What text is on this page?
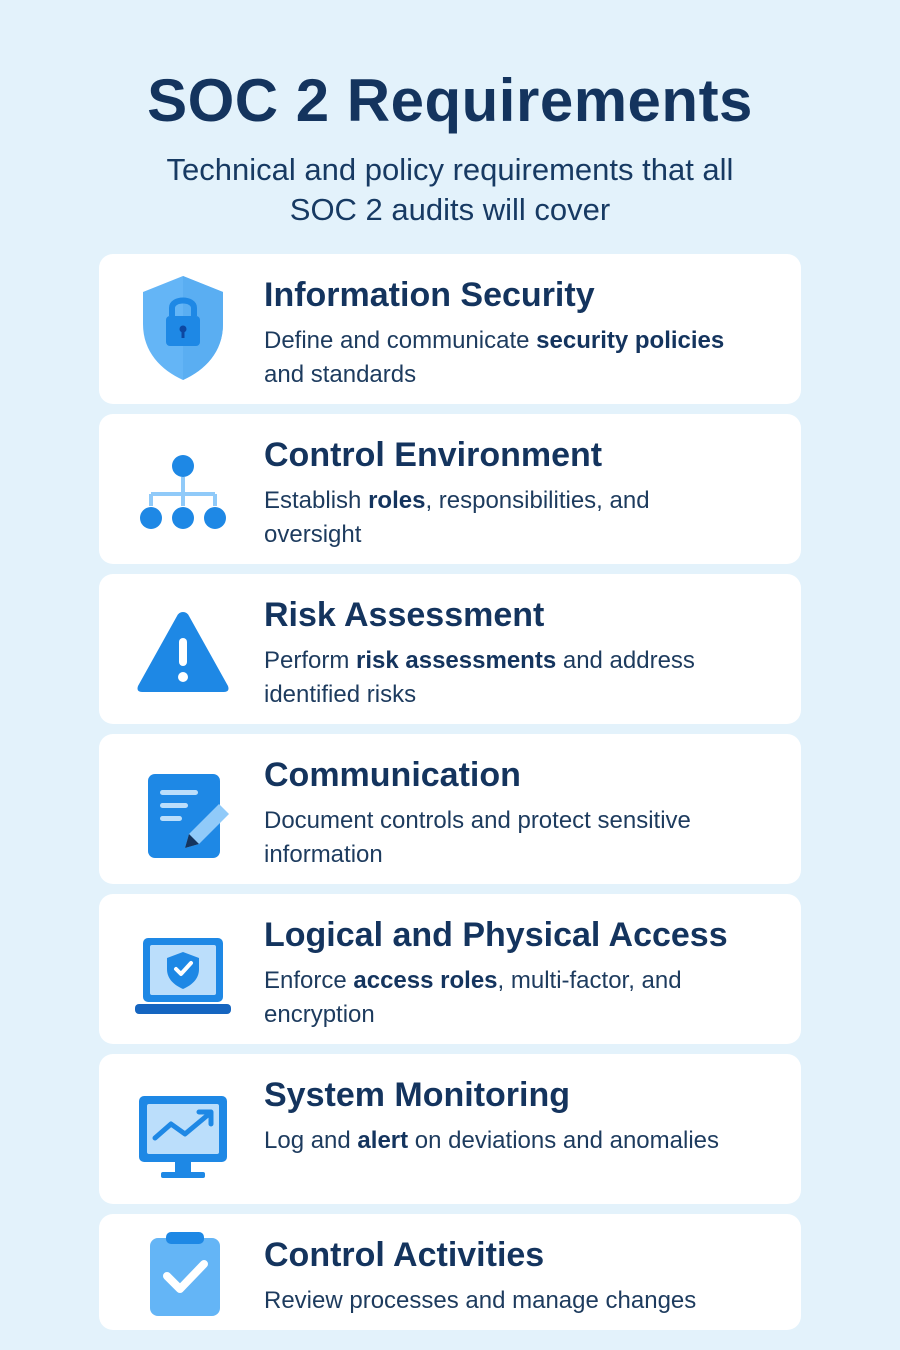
SOC 2 Requirements

Technical and policy requirements that all SOC 2 audits will cover

Information Security
Define and communicate security policies and standards
Control Environment
Establish roles, responsibilities, and oversight
Risk Assessment
Perform risk assessments and address identified risks
Communication
Document controls and protect sensitive information
Logical and Physical Access
Enforce access roles, multi-factor, and encryption
System Monitoring
Log and alert on deviations and anomalies
Control Activities
Review processes and manage changes
